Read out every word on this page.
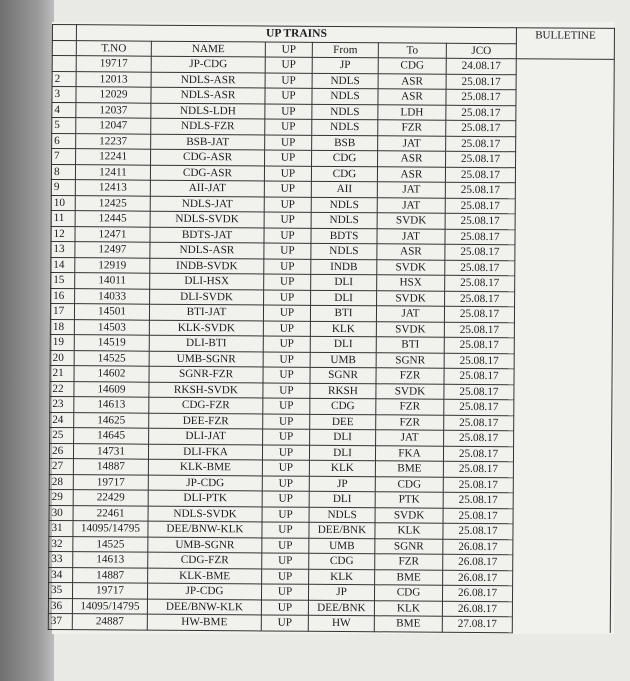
	UP TRAINS						BULLETINE
	T.NO	NAME	UP	From	To	JCO	
	19717	JP-CDG	UP	JP	CDG	24.08.17	
2	12013	NDLS-ASR	UP	NDLS	ASR	25.08.17	
3	12029	NDLS-ASR	UP	NDLS	ASR	25.08.17	
4	12037	NDLS-LDH	UP	NDLS	LDH	25.08.17	
5	12047	NDLS-FZR	UP	NDLS	FZR	25.08.17	
6	12237	BSB-JAT	UP	BSB	JAT	25.08.17	
7	12241	CDG-ASR	UP	CDG	ASR	25.08.17	
8	12411	CDG-ASR	UP	CDG	ASR	25.08.17	
9	12413	AII-JAT	UP	AII	JAT	25.08.17	
10	12425	NDLS-JAT	UP	NDLS	JAT	25.08.17	
11	12445	NDLS-SVDK	UP	NDLS	SVDK	25.08.17	
12	12471	BDTS-JAT	UP	BDTS	JAT	25.08.17	
13	12497	NDLS-ASR	UP	NDLS	ASR	25.08.17	
14	12919	INDB-SVDK	UP	INDB	SVDK	25.08.17	
15	14011	DLI-HSX	UP	DLI	HSX	25.08.17	
16	14033	DLI-SVDK	UP	DLI	SVDK	25.08.17	
17	14501	BTI-JAT	UP	BTI	JAT	25.08.17	
18	14503	KLK-SVDK	UP	KLK	SVDK	25.08.17	
19	14519	DLI-BTI	UP	DLI	BTI	25.08.17	
20	14525	UMB-SGNR	UP	UMB	SGNR	25.08.17	
21	14602	SGNR-FZR	UP	SGNR	FZR	25.08.17	
22	14609	RKSH-SVDK	UP	RKSH	SVDK	25.08.17	
23	14613	CDG-FZR	UP	CDG	FZR	25.08.17	
24	14625	DEE-FZR	UP	DEE	FZR	25.08.17	
25	14645	DLI-JAT	UP	DLI	JAT	25.08.17	
26	14731	DLI-FKA	UP	DLI	FKA	25.08.17	
27	14887	KLK-BME	UP	KLK	BME	25.08.17	
28	19717	JP-CDG	UP	JP	CDG	25.08.17	
29	22429	DLI-PTK	UP	DLI	PTK	25.08.17	
30	22461	NDLS-SVDK	UP	NDLS	SVDK	25.08.17	
31	14095/14795	DEE/BNW-KLK	UP	DEE/BNK	KLK	25.08.17	
32	14525	UMB-SGNR	UP	UMB	SGNR	26.08.17	
33	14613	CDG-FZR	UP	CDG	FZR	26.08.17	
34	14887	KLK-BME	UP	KLK	BME	26.08.17	
35	19717	JP-CDG	UP	JP	CDG	26.08.17	
36	14095/14795	DEE/BNW-KLK	UP	DEE/BNK	KLK	26.08.17	
37	24887	HW-BME	UP	HW	BME	27.08.17	
